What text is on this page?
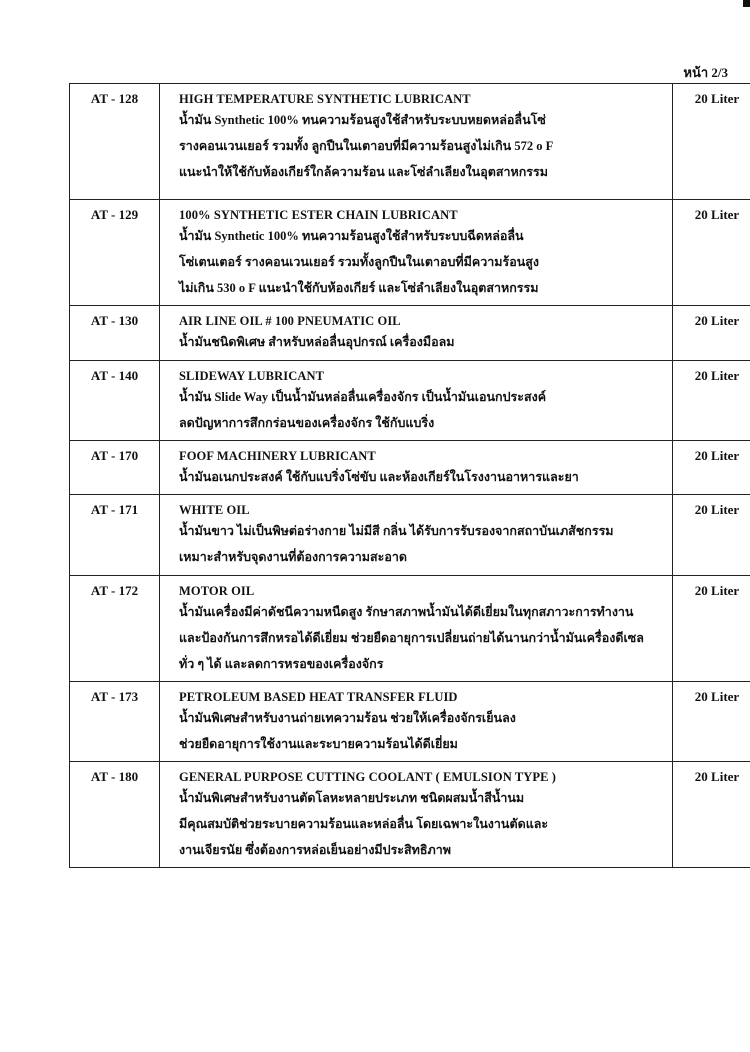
หน้า 2/3
AT - 128	HIGH TEMPERATURE SYNTHETIC LUBRICANT
น้ำมัน Synthetic 100% ทนความร้อนสูงใช้สำหรับระบบหยดหล่อลื่นโซ่
รางคอนเวนเยอร์ รวมทั้ง ลูกปืนในเตาอบที่มีความร้อนสูงไม่เกิน 572 o F
แนะนำให้ใช้กับห้องเกียร์ใกล้ความร้อน และโซ่ลำเลียงในอุตสาหกรรม	20 Liter
AT - 129	100% SYNTHETIC ESTER CHAIN LUBRICANT
น้ำมัน Synthetic 100% ทนความร้อนสูงใช้สำหรับระบบฉีดหล่อลื่น
โซ่เตนเตอร์ รางคอนเวนเยอร์ รวมทั้งลูกปืนในเตาอบที่มีความร้อนสูง
ไม่เกิน 530 o F แนะนำใช้กับห้องเกียร์ และโซ่ลำเลียงในอุตสาหกรรม	20 Liter
AT - 130	AIR LINE OIL # 100 PNEUMATIC OIL
น้ำมันชนิดพิเศษ สำหรับหล่อลื่นอุปกรณ์ เครื่องมือลม	20 Liter
AT - 140	SLIDEWAY LUBRICANT
น้ำมัน Slide Way เป็นน้ำมันหล่อลื่นเครื่องจักร เป็นน้ำมันเอนกประสงค์
ลดปัญหาการสึกกร่อนของเครื่องจักร ใช้กับแบริ่ง	20 Liter
AT - 170	FOOF MACHINERY LUBRICANT
น้ำมันอเนกประสงค์ ใช้กับแบริ่งโซ่ขับ และห้องเกียร์ในโรงงานอาหารและยา	20 Liter
AT - 171	WHITE OIL
น้ำมันขาว ไม่เป็นพิษต่อร่างกาย ไม่มีสี กลิ่น ได้รับการรับรองจากสถาบันเภสัชกรรม
เหมาะสำหรับจุดงานที่ต้องการความสะอาด	20 Liter
AT - 172	MOTOR OIL
น้ำมันเครื่องมีค่าดัชนีความหนืดสูง รักษาสภาพน้ำมันได้ดีเยี่ยมในทุกสภาวะการทำงาน
และป้องกันการสึกหรอได้ดีเยี่ยม ช่วยยืดอายุการเปลี่ยนถ่ายได้นานกว่าน้ำมันเครื่องดีเซล
ทั่ว ๆ ได้ และลดการหรอของเครื่องจักร	20 Liter
AT - 173	PETROLEUM BASED HEAT TRANSFER FLUID
น้ำมันพิเศษสำหรับงานถ่ายเทความร้อน ช่วยให้เครื่องจักรเย็นลง
ช่วยยืดอายุการใช้งานและระบายความร้อนได้ดีเยี่ยม	20 Liter
AT - 180	GENERAL PURPOSE CUTTING COOLANT ( EMULSION TYPE )
น้ำมันพิเศษสำหรับงานตัดโลหะหลายประเภท ชนิดผสมน้ำสีน้ำนม
มีคุณสมบัติช่วยระบายความร้อนและหล่อลื่น โดยเฉพาะในงานตัดและ
งานเจียรนัย ซึ่งต้องการหล่อเย็นอย่างมีประสิทธิภาพ	20 Liter
